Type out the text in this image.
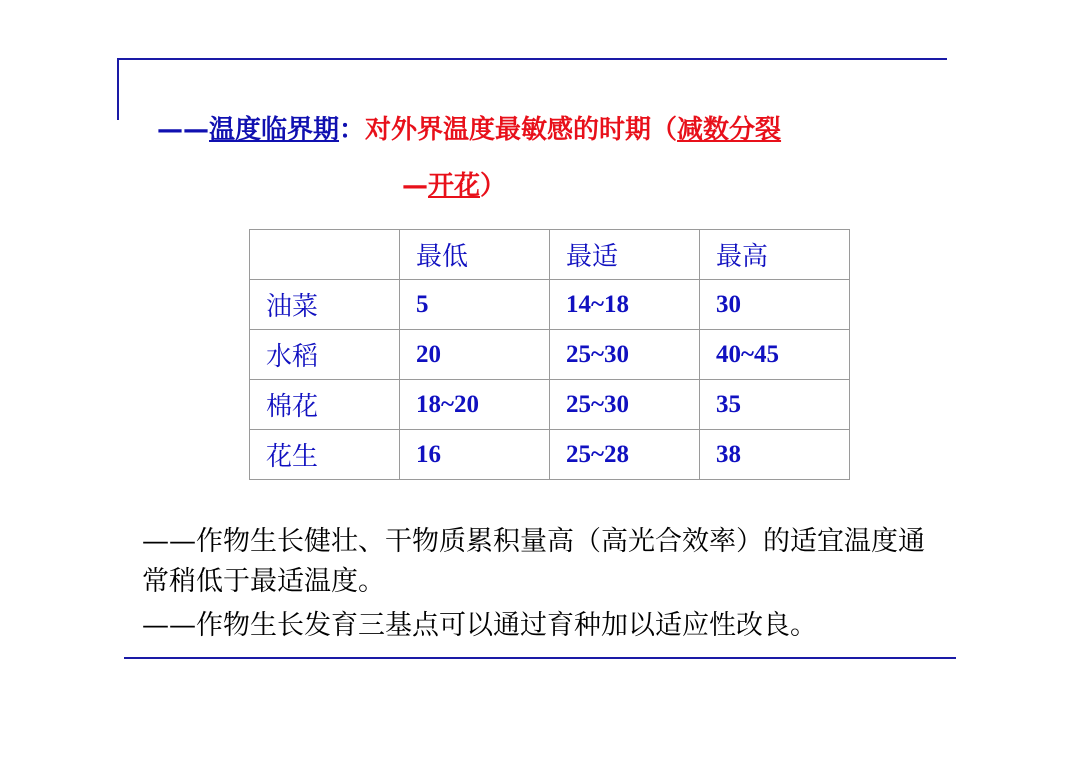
——温度临界期：对外界温度最敏感的时期（减数分裂
—开花）
	最低	最适	最高
油菜	5	14~18	30
水稻	20	25~30	40~45
棉花	18~20	25~30	35
花生	16	25~28	38

——作物生长健壮、干物质累积量高（高光合效率）的适宜温度通常稍低于最适温度。

——作物生长发育三基点可以通过育种加以适应性改良。
